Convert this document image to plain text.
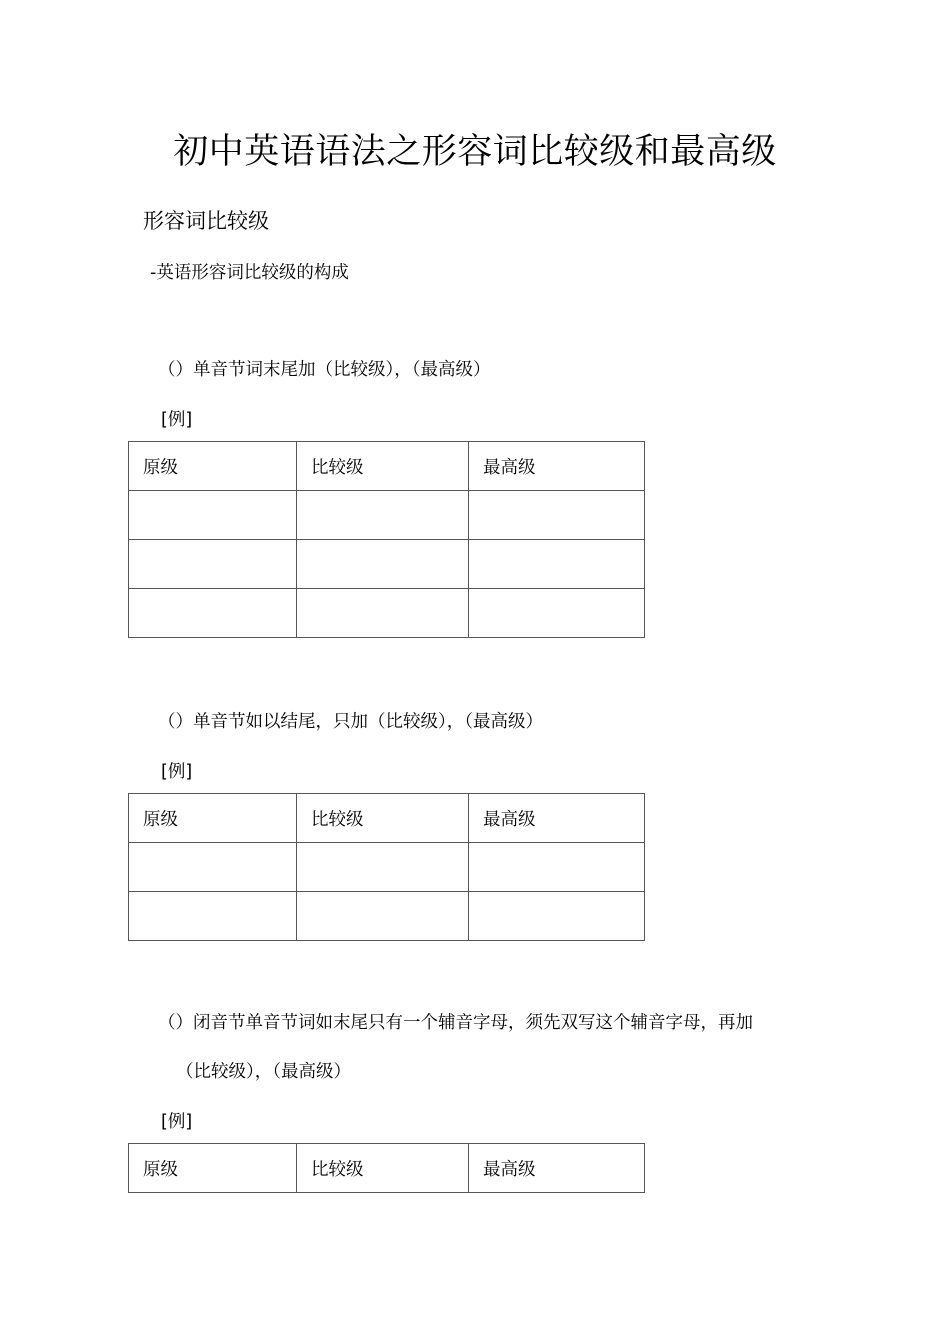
初中英语语法之形容词比较级和最高级
形容词比较级
-英语形容词比较级的构成
（）单音节词末尾加（比较级），（最高级）
[例]
原级	比较级	最高级

（）单音节如以结尾，只加（比较级），（最高级）
[例]
原级	比较级	最高级

（）闭音节单音节词如末尾只有一个辅音字母，须先双写这个辅音字母，再加
（比较级），（最高级）
[例]
原级	比较级	最高级
